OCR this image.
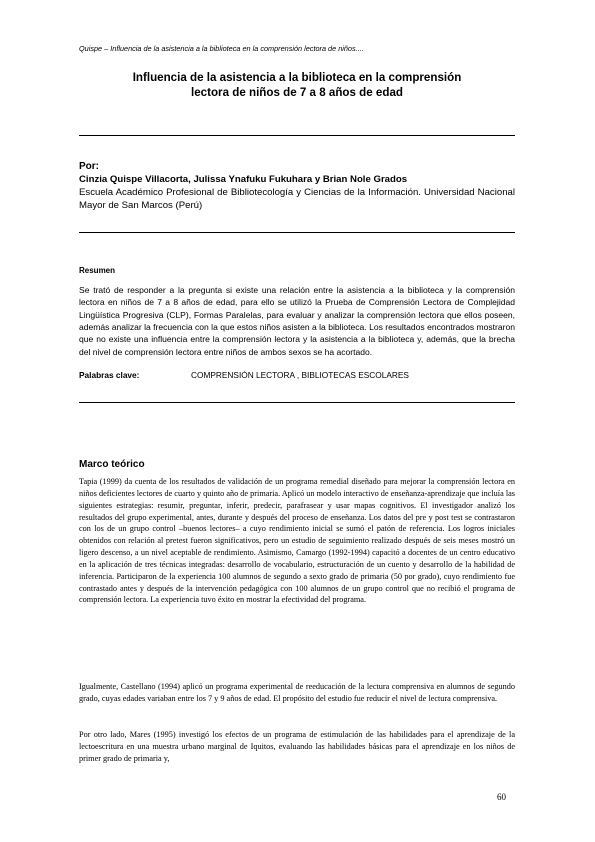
Quispe – Influencia de la asistencia a la biblioteca en la comprensión lectora de niños....
Influencia de la asistencia a la biblioteca en la comprensión
lectora de niños de 7 a 8 años de edad
Por:
Cinzia Quispe Villacorta, Julissa Ynafuku Fukuhara y Brian Nole Grados
Escuela Académico Profesional de Bibliotecología y Ciencias de la Información. Universidad Nacional Mayor de San Marcos (Perú)
Resumen
Se trató de responder a la pregunta si existe una relación entre la asistencia a la biblioteca y la comprensión lectora en niños de 7 a 8 años de edad, para ello se utilizó la Prueba de Comprensión Lectora de Complejidad Lingüística Progresiva (CLP), Formas Paralelas, para evaluar y analizar la comprensión lectora que ellos poseen, además analizar la frecuencia con la que estos niños asisten a la biblioteca. Los resultados encontrados mostraron que no existe una influencia entre la comprensión lectora y la asistencia a la biblioteca y, además, que la brecha del nivel de comprensión lectora entre niños de ambos sexos se ha acortado.
Palabras clave:	COMPRENSIÓN LECTORA , BIBLIOTECAS ESCOLARES
Marco teórico
Tapia (1999) da cuenta de los resultados de validación de un programa remedial diseñado para mejorar la comprensión lectora en niños deficientes lectores de cuarto y quinto año de primaria. Aplicó un modelo interactivo de enseñanza-aprendizaje que incluía las siguientes estrategias: resumir, preguntar, inferir, predecir, parafrasear y usar mapas cognitivos. El investigador analizó los resultados del grupo experimental, antes, durante y después del proceso de enseñanza. Los datos del pre y post test se contrastaron con los de un grupo control –buenos lectores– a cuyo rendimiento inicial se sumó el patón de referencia. Los logros iniciales obtenidos con relación al pretest fueron significativos, pero un estudio de seguimiento realizado después de seis meses mostró un ligero descenso, a un nivel aceptable de rendimiento. Asimismo, Camargo (1992-1994) capacitó a docentes de un centro educativo en la aplicación de tres técnicas integradas: desarrollo de vocabulario, estructuración de un cuento y desarrollo de la habilidad de inferencia. Participaron de la experiencia 100 alumnos de segundo a sexto grado de primaria (50 por grado), cuyo rendimiento fue contrastado antes y después de la intervención pedagógica con 100 alumnos de un grupo control que no recibió el programa de comprensión lectora. La experiencia tuvo éxito en mostrar la efectividad del programa.
Igualmente, Castellano (1994) aplicó un programa experimental de reeducación de la lectura comprensiva en alumnos de segundo grado, cuyas edades variaban entre los 7 y 9 años de edad. El propósito del estudio fue reducir el nivel de lectura comprensiva.
Por otro lado, Mares (1995) investigó los efectos de un programa de estimulación de las habilidades para el aprendizaje de la lectoescritura en una muestra urbano marginal de Iquitos, evaluando las habilidades básicas para el aprendizaje en los niños de primer grado de primaria y,
60
